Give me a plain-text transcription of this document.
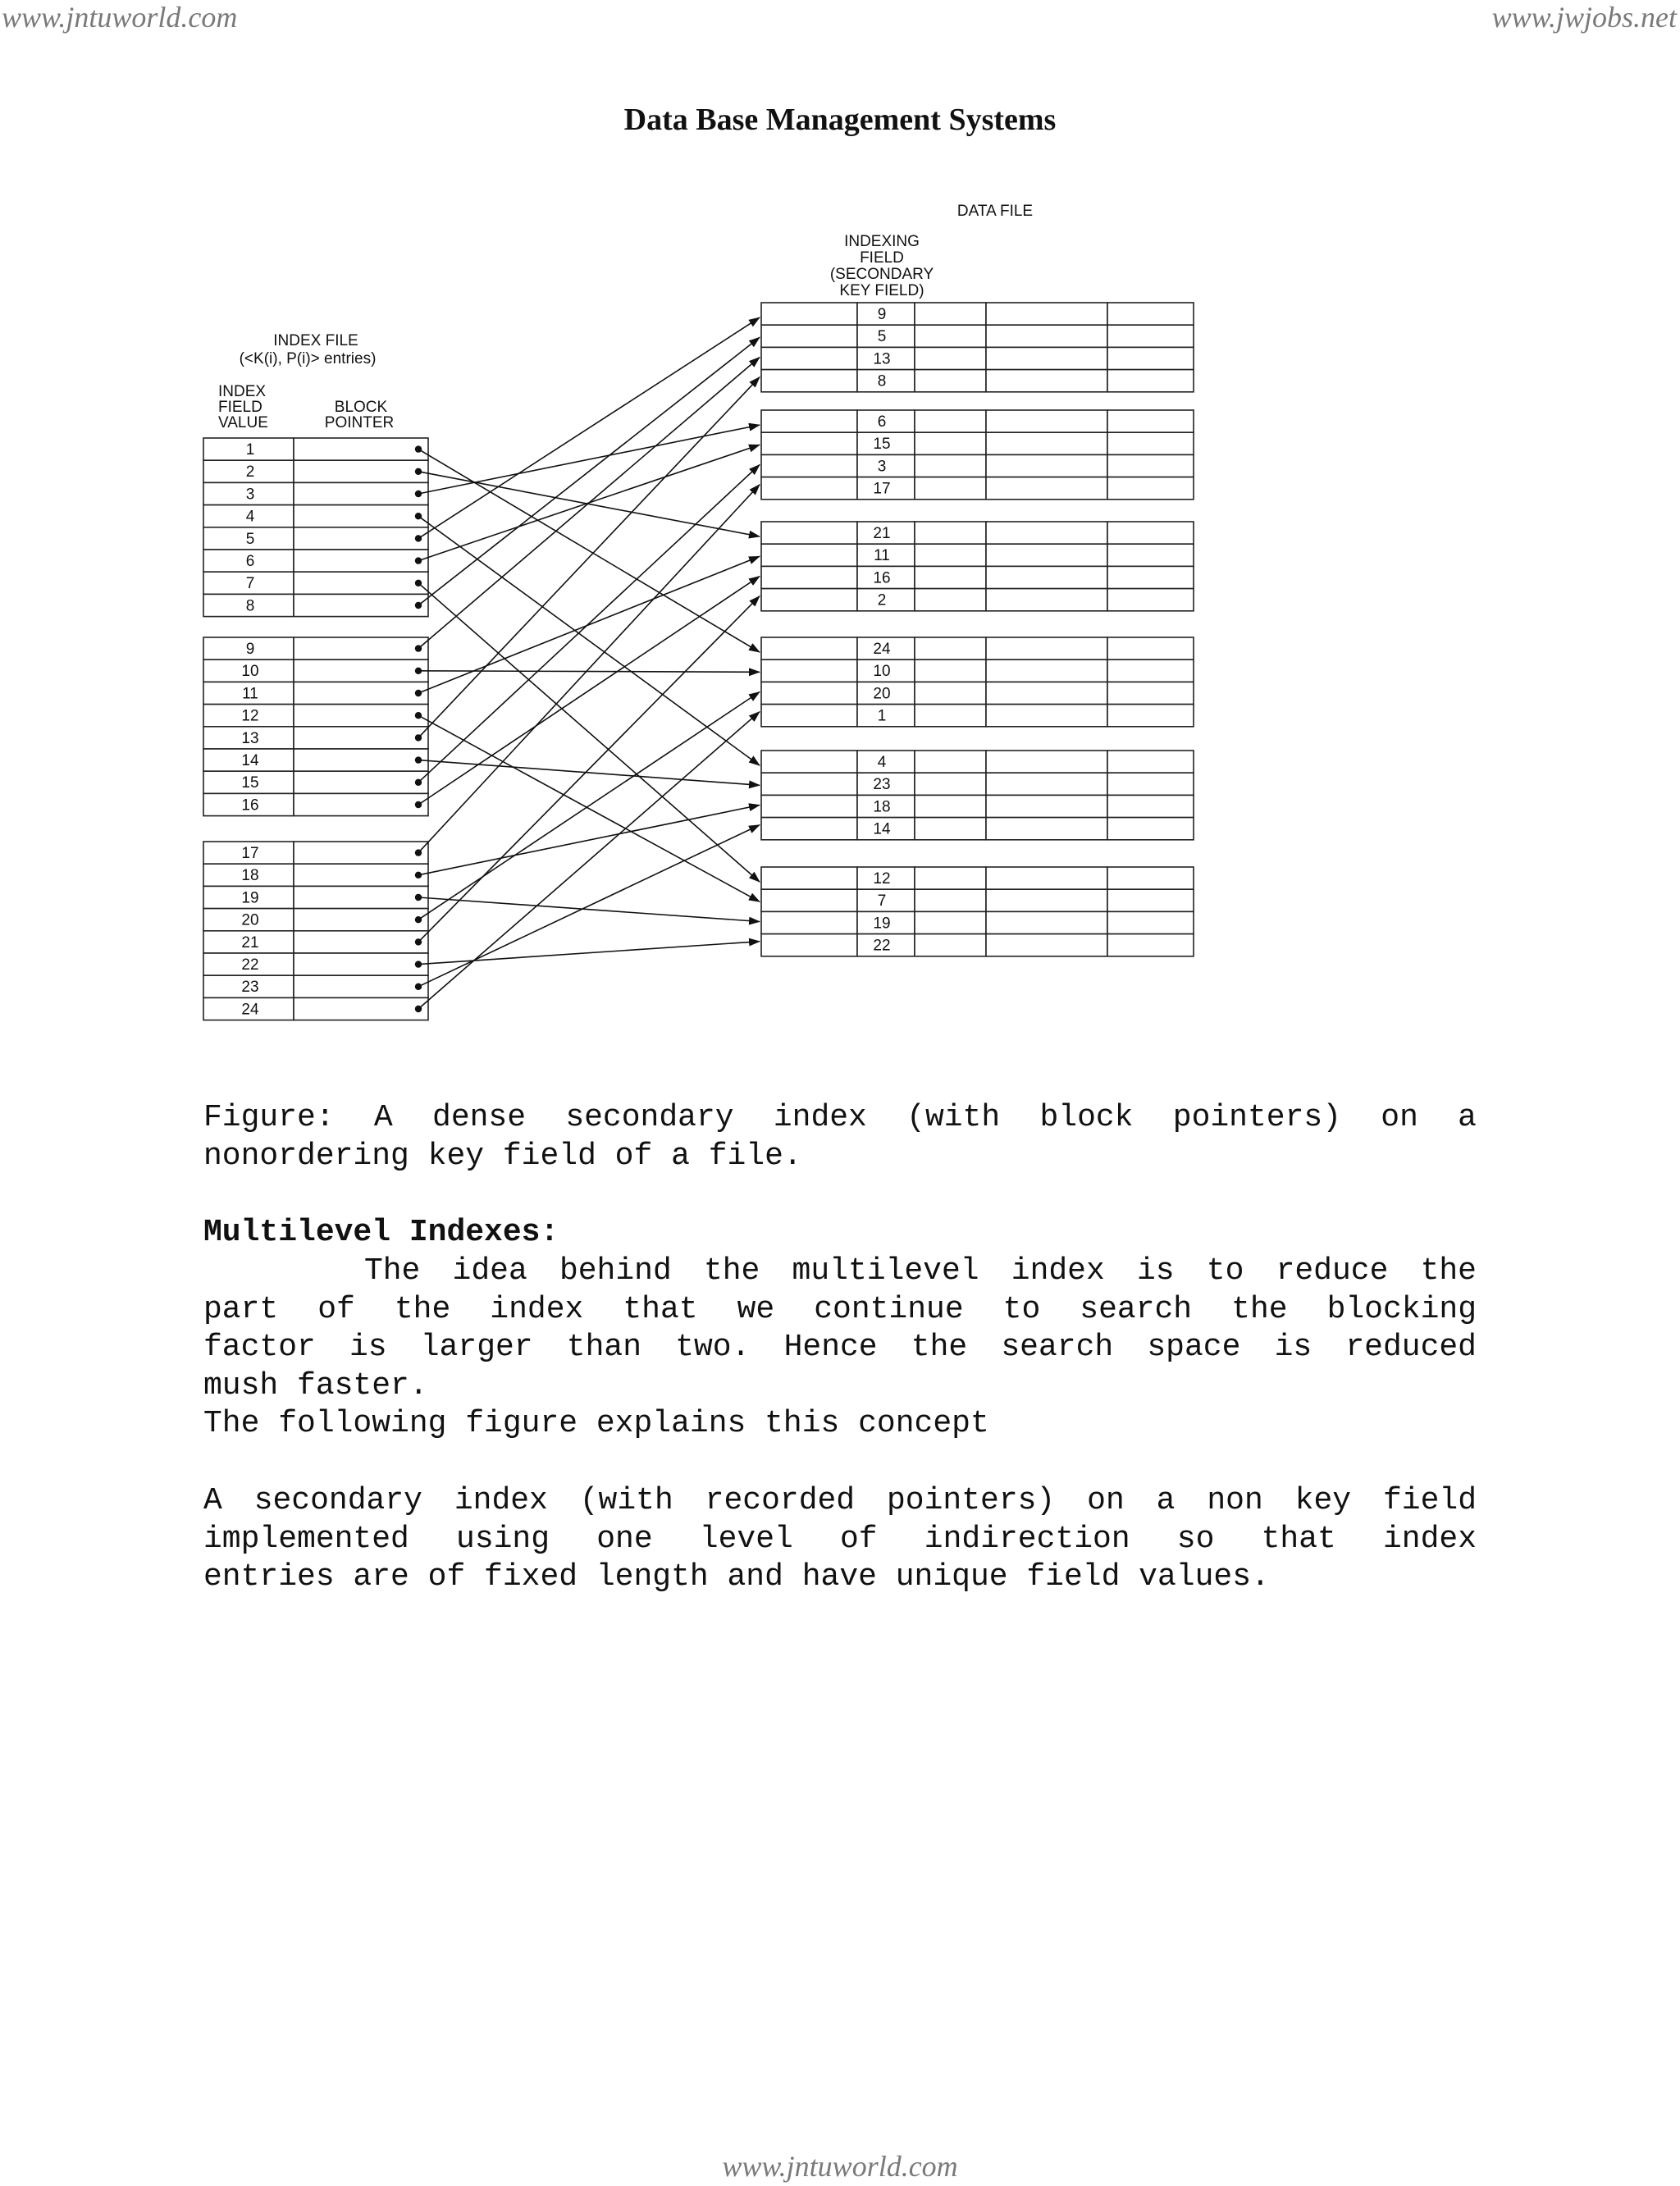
www.jntuworld.com	www.jwjobs.net
Data Base Management Systems
DATA FILE
INDEXING
FIELD
(SECONDARY
KEY FIELD)
INDEX FILE
(<K(i), P(i)> entries)
INDEX
FIELD
VALUE
BLOCK
POINTER
1
2
3
4
5
6
7
8
9
10
11
12
13
14
15
16
17
18
19
20
21
22
23
24
9
5
13
8
6
15
3
17
21
11
16
2
24
10
20
1
4
23
18
14
12
7
19
22
Figure: A dense secondary index (with block pointers) on a
nonordering key field of a file.
Multilevel Indexes:
The idea behind the multilevel index is to reduce the
part of the index that we continue to search the blocking
factor is larger than two. Hence the search space is reduced
mush faster.
The following figure explains this concept
A secondary index (with recorded pointers) on a non key field
implemented using one level of indirection so that index
entries are of fixed length and have unique field values.
www.jntuworld.com
